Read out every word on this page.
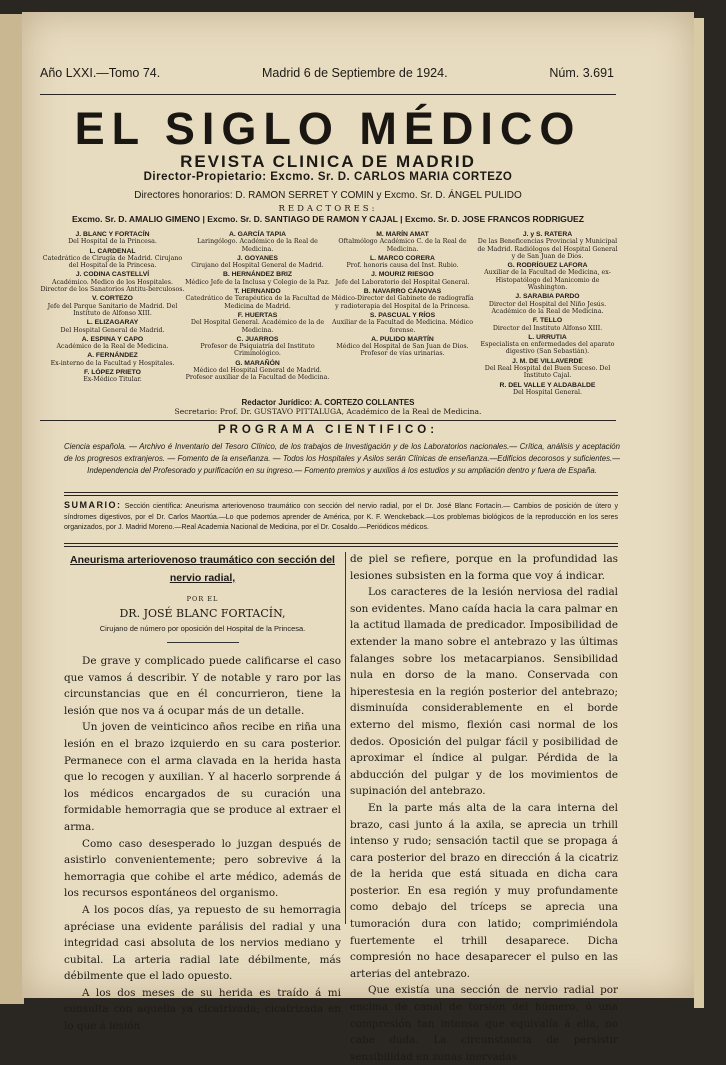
Año LXXI.—Tomo 74.	Madrid 6 de Septiembre de 1924.	Núm. 3.691
EL SIGLO MÉDICO
REVISTA CLINICA DE MADRID
Director-Propietario: Excmo. Sr. D. CARLOS MARIA CORTEZO
Directores honorarios: D. RAMON SERRET Y COMIN y Excmo. Sr. D. ÁNGEL PULIDO
REDACTORES:
Excmo. Sr. D. AMALIO GIMENO | Excmo. Sr. D. SANTIAGO DE RAMON Y CAJAL | Excmo. Sr. D. JOSE FRANCOS RODRIGUEZ
J. BLANC Y FORTACÍN
Del Hospital de la Princesa.
L. CARDENAL
Catedrático de Cirugía de Madrid. Cirujano del Hospital de la Princesa.
J. CODINA CASTELLVÍ
Académico. Medico de los Hospitales. Director de los Sanatorios Antitu-berculosos.
V. CORTEZO
Jefe del Parque Sanitario de Madrid. Del Instituto de Alfonso XIII.
L. ELIZAGARAY
Del Hospital General de Madrid.
A. ESPINA Y CAPO
Académico de la Real de Medicina.
A. FERNÁNDEZ
Ex-interno de la Facultad y Hospitales.
F. LÓPEZ PRIETO
Ex-Médico Titular.
A. GARCÍA TAPIA
Laringólogo. Académico de la Real de Medicina.
J. GOYANES
Cirujano del Hospital General de Madrid.
B. HERNÁNDEZ BRIZ
Médico Jefe de la Inclusa y Colegio de la Paz.
T. HERNANDO
Catedrático de Terapéutica de la Facultad de Medicina de Madrid.
F. HUERTAS
Del Hospital General. Académico de la de Medicina.
C. JUARROS
Profesor de Psiquiatría del Instituto Criminológico.
G. MARAÑÓN
Médico del Hospital General de Madrid. Profesor auxiliar de la Facultad de Medicina.
M. MARÍN AMAT
Oftalmólogo Académico C. de la Real de Medicina.
L. MARCO CORERA
Prof. honoris causa del Inst. Rubio.
J. MOURIZ RIESGO
Jefe del Laboratorio del Hospital General.
B. NAVARRO CÁNOVAS
Médico-Director del Gabinete de radiografía y radioterapia del Hospital de la Princesa.
S. PASCUAL Y RÍOS
Auxiliar de la Facultad de Medicina. Médico forense.
A. PULIDO MARTÍN
Médico del Hospital de San Juan de Dios. Profesor de vías urinarias.
J. y S. RATERA
De las Beneficencias Provincial y Municipal de Madrid. Radiólogos del Hospital General y de San Juan de Dios.
G. RODRÍGUEZ LAFORA
Auxiliar de la Facultad de Medicina, ex-Histopatólogo del Manicomio de Washington.
J. SARABIA PARDO
Director del Hospital del Niño Jesús. Académico de la Real de Medicina.
F. TELLO
Director del Instituto Alfonso XIII.
L. URRUTIA
Especialista en enfermedades del aparato digestivo (San Sebastián).
J. M. DE VILLAVERDE
Del Real Hospital del Buen Suceso. Del Instituto Cajal.
R. DEL VALLE Y ALDABALDE
Del Hospital General.
Redactor Jurídico: A. CORTEZO COLLANTES
Secretario: Prof. Dr. GUSTAVO PITTALUGA, Académico de la Real de Medicina.
PROGRAMA CIENTIFICO:
Ciencia española. — Archivo é Inventario del Tesoro Clínico, de los trabajos de Investigación y de los Laboratorios nacionales.— Crítica, análisis y aceptación de los progresos extranjeros. — Fomento de la enseñanza. — Todos los Hospitales y Asilos serán Clínicas de enseñanza.—Edificios decorosos y suficientes.—Independencia del Profesorado y purificación en su ingreso.— Fomento premios y auxilios á los estudios y su ampliación dentro y fuera de España.
SUMARIO: Sección científica: Aneurisma arteriovenoso traumático con sección del nervio radial, por el Dr. José Blanc Fortacín.— Cambios de posición de útero y síndromes digestivos, por el Dr. Carlos Maortúa.—Lo que podemos aprender de América, por K. F. Wenckeback.—Los problemas biológicos de la reproducción en los seres organizados, por J. Madrid Moreno.—Real Academia Nacional de Medicina, por el Dr. Cosaldo.—Periódicos médicos.
Aneurisma arteriovenoso traumático con sección del nervio radial,
POR EL
DR. JOSÉ BLANC FORTACÍN,
Cirujano de número por oposición del Hospital de la Princesa.

De grave y complicado puede calificarse el caso que vamos á describir. Y de notable y raro por las circunstancias que en él concurrieron, tiene la lesión que nos va á ocupar más de un detalle.

Un joven de veinticinco años recibe en riña una lesión en el brazo izquierdo en su cara posterior. Permanece con el arma clavada en la herida hasta que lo recogen y auxilian. Y al hacerlo sorprende á los médicos encargados de su curación una formidable hemorragia que se produce al extraer el arma.

Como caso desesperado lo juzgan después de asistirlo convenientemente; pero sobrevive á la hemorragia que cohibe el arte médico, además de los recursos espontáneos del organismo.

A los pocos días, ya repuesto de su hemorragia apréciase una evidente parálisis del radial y una integridad casi absoluta de los nervios mediano y cubital. La arteria radial late débilmente, más débilmente que el lado opuesto.

A los dos meses de su herida es traído á mi consulta con aquella ya cicatrizada; cicatrizada en lo que á lesión

de piel se refiere, porque en la profundidad las lesiones subsisten en la forma que voy á indicar.

Los caracteres de la lesión nerviosa del radial son evidentes. Mano caída hacia la cara palmar en la actitud llamada de predicador. Imposibilidad de extender la mano sobre el antebrazo y las últimas falanges sobre los metacarpianos. Sensibilidad nula en dorso de la mano. Conservada con hiperestesia en la región posterior del antebrazo; disminuída considerablemente en el borde externo del mismo, flexión casi normal de los dedos. Oposición del pulgar fácil y posibilidad de aproximar el índice al pulgar. Pérdida de la abducción del pulgar y de los movimientos de supinación del antebrazo.

En la parte más alta de la cara interna del brazo, casi junto á la axila, se aprecia un trhill intenso y rudo; sensación tactil que se propaga á cara posterior del brazo en dirección á la cicatriz de la herida que está situada en dicha cara posterior. En esa región y muy profundamente como debajo del tríceps se aprecia una tumoración dura con latido; comprimiéndola fuertemente el trhill desaparece. Dicha compresión no hace desaparecer el pulso en las arterias del antebrazo.

Que existía una sección de nervio radial por encima de canal de torsión del húmero, ó una compresión tan intensa que equivalía á ella, no cabe duda. La circunstancia de persistir sensibilidad en zonas inervadas
